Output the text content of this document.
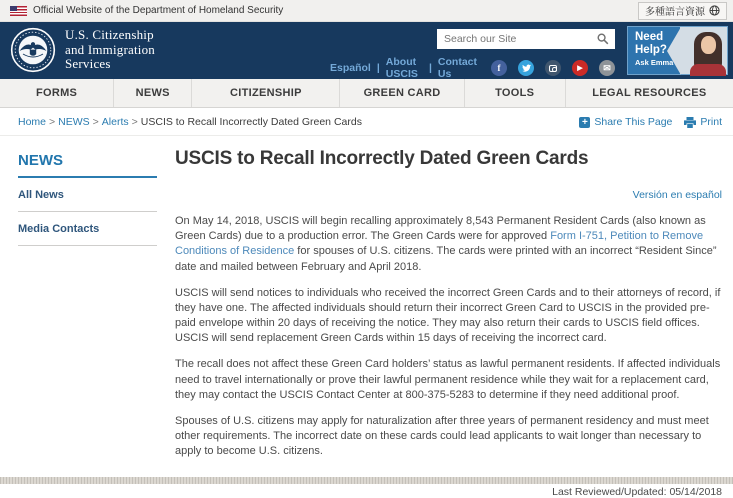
Official Website of the Department of Homeland Security	多種語言資源
U.S. Citizenship
and Immigration
Services
Search our Site	Español | About USCIS	| Contact Us	f	▶	✉
Need
Help?
Ask Emma
FORMS	NEWS	CITIZENSHIP	GREEN CARD	TOOLS	LEGAL RESOURCES
Home > NEWS > Alerts > USCIS to Recall Incorrectly Dated Green Cards	+ Share This Page	Print
NEWS
All News
Media Contacts
USCIS to Recall Incorrectly Dated Green Cards
Versión en español

On May 14, 2018, USCIS will begin recalling approximately 8,543 Permanent Resident Cards (also known as Green Cards) due to a production error. The Green Cards were for approved Form I-751, Petition to Remove Conditions of Residence for spouses of U.S. citizens. The cards were printed with an incorrect “Resident Since” date and mailed between February and April 2018.

USCIS will send notices to individuals who received the incorrect Green Cards and to their attorneys of record, if they have one. The affected individuals should return their incorrect Green Card to USCIS in the provided pre-paid envelope within 20 days of receiving the notice. They may also return their cards to USCIS field offices. USCIS will send replacement Green Cards within 15 days of receiving the incorrect card.

The recall does not affect these Green Card holders’ status as lawful permanent residents. If affected individuals need to travel internationally or prove their lawful permanent residence while they wait for a replacement card, they may contact the USCIS Contact Center at 800-375-5283 to determine if they need additional proof.

Spouses of U.S. citizens may apply for naturalization after three years of permanent residency and must meet other requirements. The incorrect date on these cards could lead applicants to wait longer than necessary to apply to become U.S. citizens.

Last Reviewed/Updated: 05/14/2018
